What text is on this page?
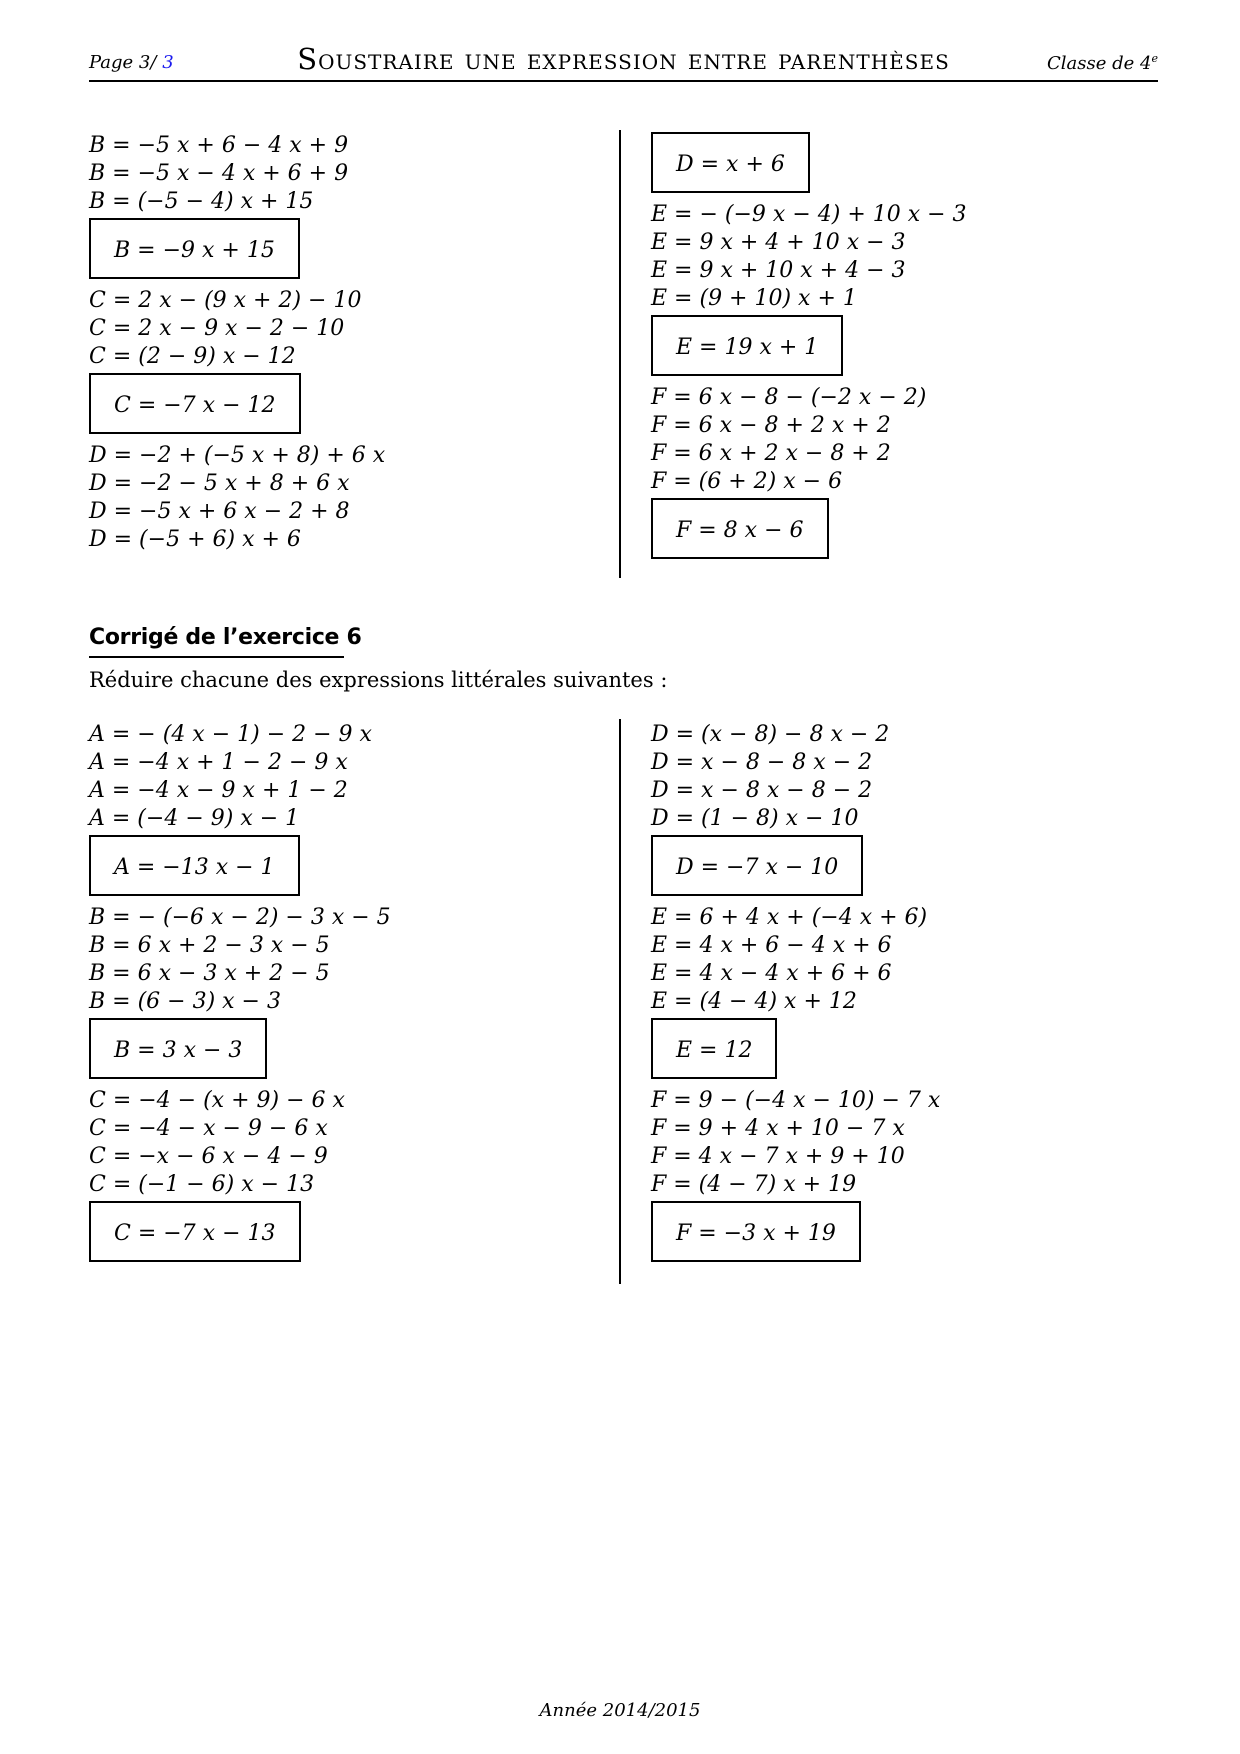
Page 3/ 3	Soustraire une expression entre parenthèses	Classe de 4e
B = −5 x + 6 − 4 x + 9
B = −5 x − 4 x + 6 + 9
B = (−5 − 4) x + 15
B = −9 x + 15
C = 2 x − (9 x + 2) − 10
C = 2 x − 9 x − 2 − 10
C = (2 − 9) x − 12
C = −7 x − 12
D = −2 + (−5 x + 8) + 6 x
D = −2 − 5 x + 8 + 6 x
D = −5 x + 6 x − 2 + 8
D = (−5 + 6) x + 6
D = x + 6
E = − (−9 x − 4) + 10 x − 3
E = 9 x + 4 + 10 x − 3
E = 9 x + 10 x + 4 − 3
E = (9 + 10) x + 1
E = 19 x + 1
F = 6 x − 8 − (−2 x − 2)
F = 6 x − 8 + 2 x + 2
F = 6 x + 2 x − 8 + 2
F = (6 + 2) x − 6
F = 8 x − 6
Corrigé de l’exercice 6
Réduire chacune des expressions littérales suivantes :
A = − (4 x − 1) − 2 − 9 x
A = −4 x + 1 − 2 − 9 x
A = −4 x − 9 x + 1 − 2
A = (−4 − 9) x − 1
A = −13 x − 1
B = − (−6 x − 2) − 3 x − 5
B = 6 x + 2 − 3 x − 5
B = 6 x − 3 x + 2 − 5
B = (6 − 3) x − 3
B = 3 x − 3
C = −4 − (x + 9) − 6 x
C = −4 − x − 9 − 6 x
C = −x − 6 x − 4 − 9
C = (−1 − 6) x − 13
C = −7 x − 13
D = (x − 8) − 8 x − 2
D = x − 8 − 8 x − 2
D = x − 8 x − 8 − 2
D = (1 − 8) x − 10
D = −7 x − 10
E = 6 + 4 x + (−4 x + 6)
E = 4 x + 6 − 4 x + 6
E = 4 x − 4 x + 6 + 6
E = (4 − 4) x + 12
E = 12
F = 9 − (−4 x − 10) − 7 x
F = 9 + 4 x + 10 − 7 x
F = 4 x − 7 x + 9 + 10
F = (4 − 7) x + 19
F = −3 x + 19
Année 2014/2015
